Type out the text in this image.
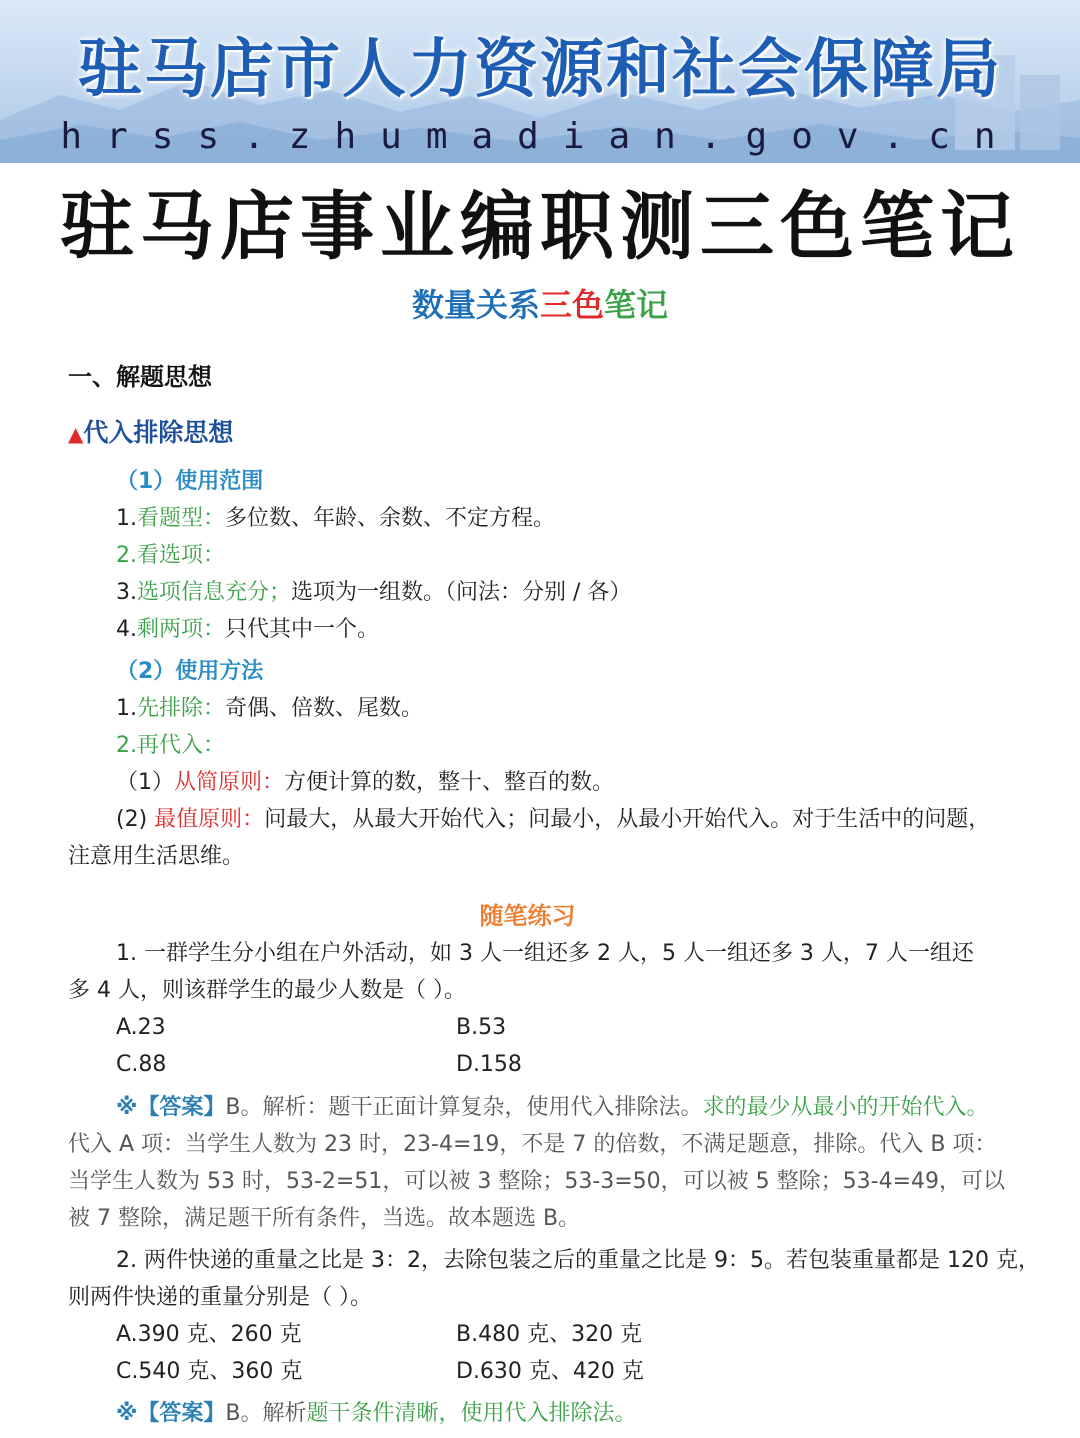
驻马店市人力资源和社会保障局
hrss.zhumadian.gov.cn
驻马店事业编职测三色笔记
数量关系三色笔记
一、解题思想
▲代入排除思想
（1）使用范围
1.看题型：多位数、年龄、余数、不定方程。
2.看选项：
3.选项信息充分；选项为一组数。（问法：分别 / 各）
4.剩两项：只代其中一个。
（2）使用方法
1.先排除：奇偶、倍数、尾数。
2.再代入：
（1）从简原则：方便计算的数，整十、整百的数。
(2) 最值原则：问最大，从最大开始代入；问最小，从最小开始代入。对于生活中的问题，
注意用生活思维。
随笔练习
1. 一群学生分小组在户外活动，如 3 人一组还多 2 人，5 人一组还多 3 人，7 人一组还
多 4 人，则该群学生的最少人数是（ ）。
A.23	B.53
C.88	D.158
※【答案】B。解析：题干正面计算复杂，使用代入排除法。求的最少从最小的开始代入。
代入 A 项：当学生人数为 23 时，23-4=19，不是 7 的倍数，不满足题意，排除。代入 B 项：
当学生人数为 53 时，53-2=51，可以被 3 整除；53-3=50，可以被 5 整除；53-4=49，可以
被 7 整除，满足题干所有条件，当选。故本题选 B。
2. 两件快递的重量之比是 3：2，去除包装之后的重量之比是 9：5。若包装重量都是 120 克，
则两件快递的重量分别是（ ）。
A.390 克、260 克	B.480 克、320 克
C.540 克、360 克	D.630 克、420 克
※【答案】B。解析题干条件清晰，使用代入排除法。
